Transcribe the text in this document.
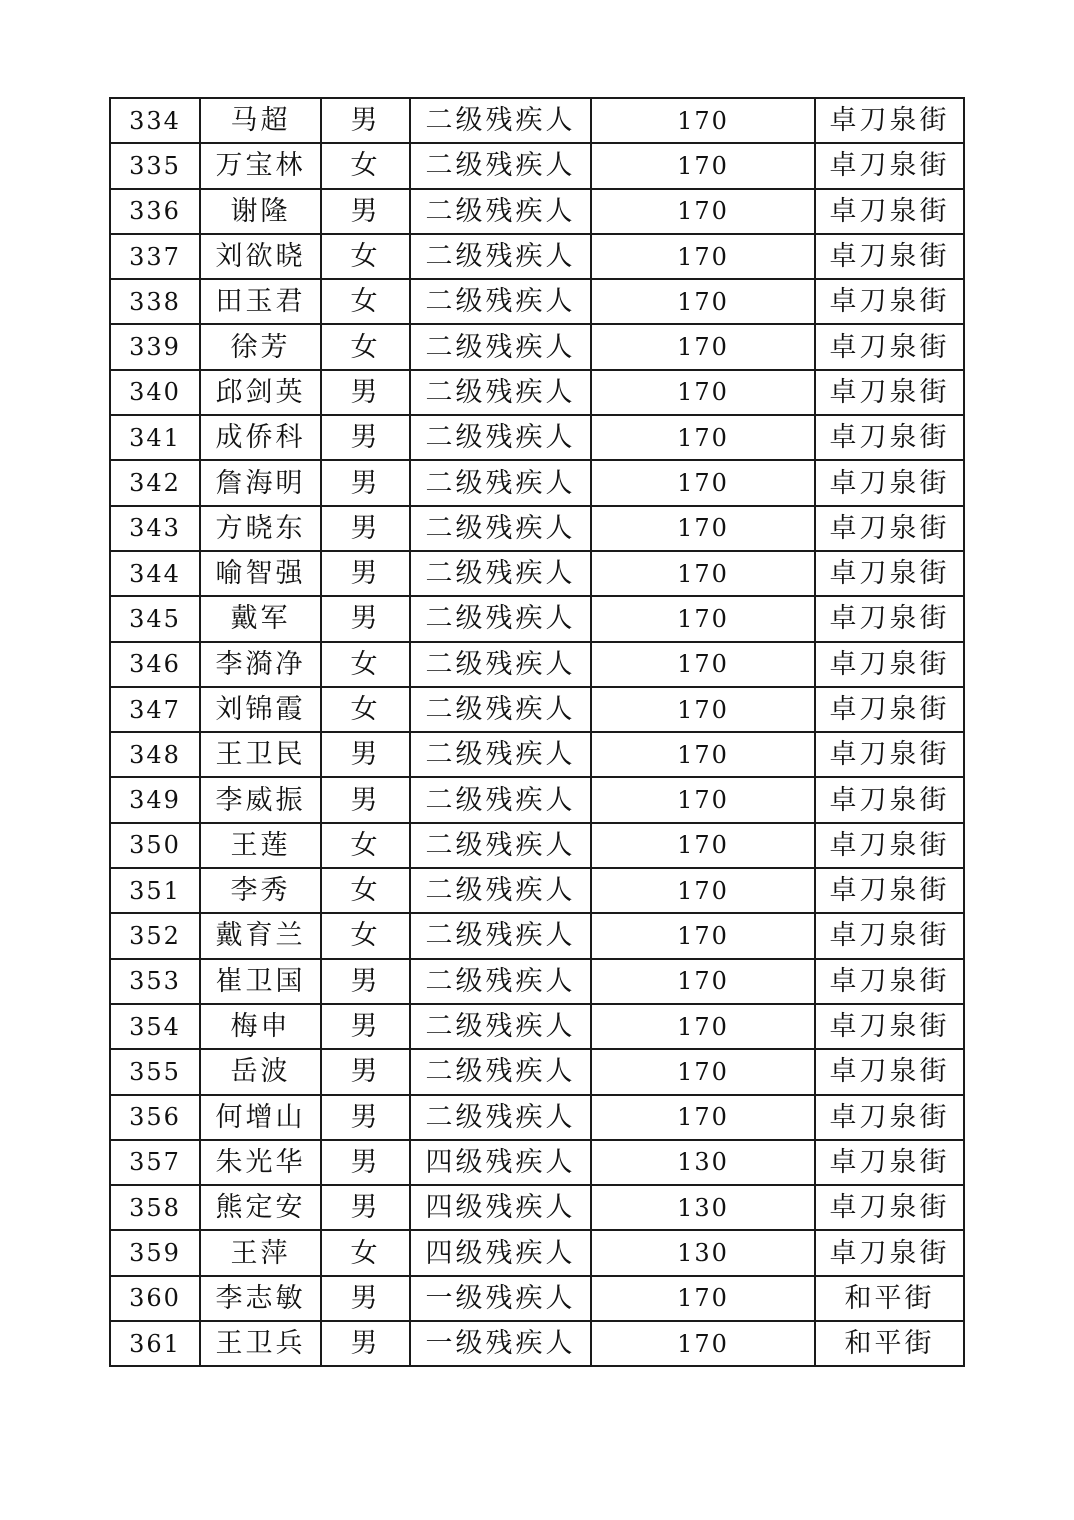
334	马超	男	二级残疾人	170	卓刀泉街
335	万宝林	女	二级残疾人	170	卓刀泉街
336	谢隆	男	二级残疾人	170	卓刀泉街
337	刘欲晓	女	二级残疾人	170	卓刀泉街
338	田玉君	女	二级残疾人	170	卓刀泉街
339	徐芳	女	二级残疾人	170	卓刀泉街
340	邱剑英	男	二级残疾人	170	卓刀泉街
341	成侨科	男	二级残疾人	170	卓刀泉街
342	詹海明	男	二级残疾人	170	卓刀泉街
343	方晓东	男	二级残疾人	170	卓刀泉街
344	喻智强	男	二级残疾人	170	卓刀泉街
345	戴军	男	二级残疾人	170	卓刀泉街
346	李漪净	女	二级残疾人	170	卓刀泉街
347	刘锦霞	女	二级残疾人	170	卓刀泉街
348	王卫民	男	二级残疾人	170	卓刀泉街
349	李威振	男	二级残疾人	170	卓刀泉街
350	王莲	女	二级残疾人	170	卓刀泉街
351	李秀	女	二级残疾人	170	卓刀泉街
352	戴育兰	女	二级残疾人	170	卓刀泉街
353	崔卫国	男	二级残疾人	170	卓刀泉街
354	梅申	男	二级残疾人	170	卓刀泉街
355	岳波	男	二级残疾人	170	卓刀泉街
356	何增山	男	二级残疾人	170	卓刀泉街
357	朱光华	男	四级残疾人	130	卓刀泉街
358	熊定安	男	四级残疾人	130	卓刀泉街
359	王萍	女	四级残疾人	130	卓刀泉街
360	李志敏	男	一级残疾人	170	和平街
361	王卫兵	男	一级残疾人	170	和平街
